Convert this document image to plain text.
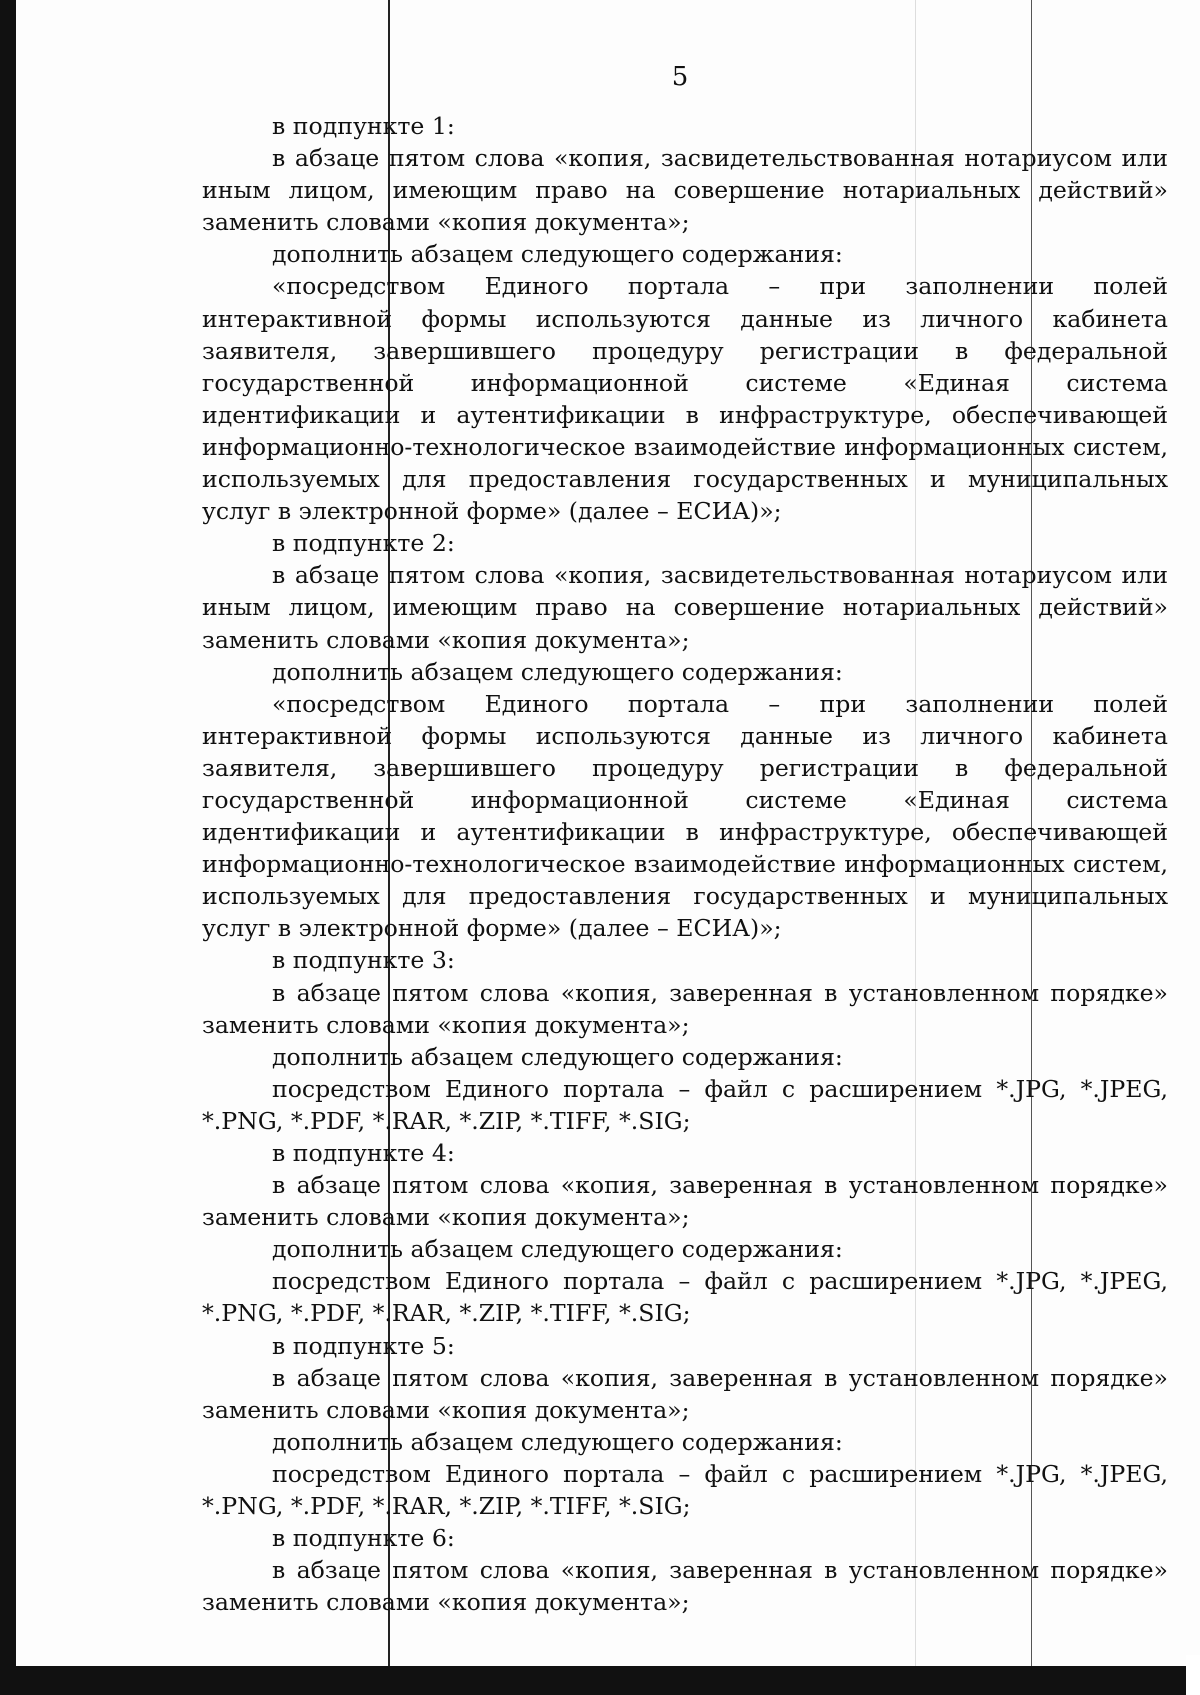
5

в подпункте 1:

в абзаце пятом слова «копия, засвидетельствованная нотариусом или иным лицом, имеющим право на совершение нотариальных действий» заменить словами «копия документа»;

дополнить абзацем следующего содержания:

«посредством Единого портала – при заполнении полей интерактивной формы используются данные из личного кабинета заявителя, завершившего процедуру регистрации в федеральной государственной информационной системе «Единая система идентификации и аутентификации в инфраструктуре, обеспечивающей информационно-технологическое взаимодействие информационных систем, используемых для предоставления государственных и муниципальных услуг в электронной форме» (далее – ЕСИА)»;

в подпункте 2:

в абзаце пятом слова «копия, засвидетельствованная нотариусом или иным лицом, имеющим право на совершение нотариальных действий» заменить словами «копия документа»;

дополнить абзацем следующего содержания:

«посредством Единого портала – при заполнении полей интерактивной формы используются данные из личного кабинета заявителя, завершившего процедуру регистрации в федеральной государственной информационной системе «Единая система идентификации и аутентификации в инфраструктуре, обеспечивающей информационно-технологическое взаимодействие информационных систем, используемых для предоставления государственных и муниципальных услуг в электронной форме» (далее – ЕСИА)»;

в подпункте 3:

в абзаце пятом слова «копия, заверенная в установленном порядке» заменить словами «копия документа»;

дополнить абзацем следующего содержания:

посредством Единого портала – файл с расширением *.JPG, *.JPEG, *.PNG, *.PDF, *.RAR, *.ZIP, *.TIFF, *.SIG;

в подпункте 4:

в абзаце пятом слова «копия, заверенная в установленном порядке» заменить словами «копия документа»;

дополнить абзацем следующего содержания:

посредством Единого портала – файл с расширением *.JPG, *.JPEG, *.PNG, *.PDF, *.RAR, *.ZIP, *.TIFF, *.SIG;

в подпункте 5:

в абзаце пятом слова «копия, заверенная в установленном порядке» заменить словами «копия документа»;

дополнить абзацем следующего содержания:

посредством Единого портала – файл с расширением *.JPG, *.JPEG, *.PNG, *.PDF, *.RAR, *.ZIP, *.TIFF, *.SIG;

в подпункте 6:

в абзаце пятом слова «копия, заверенная в установленном порядке» заменить словами «копия документа»;
